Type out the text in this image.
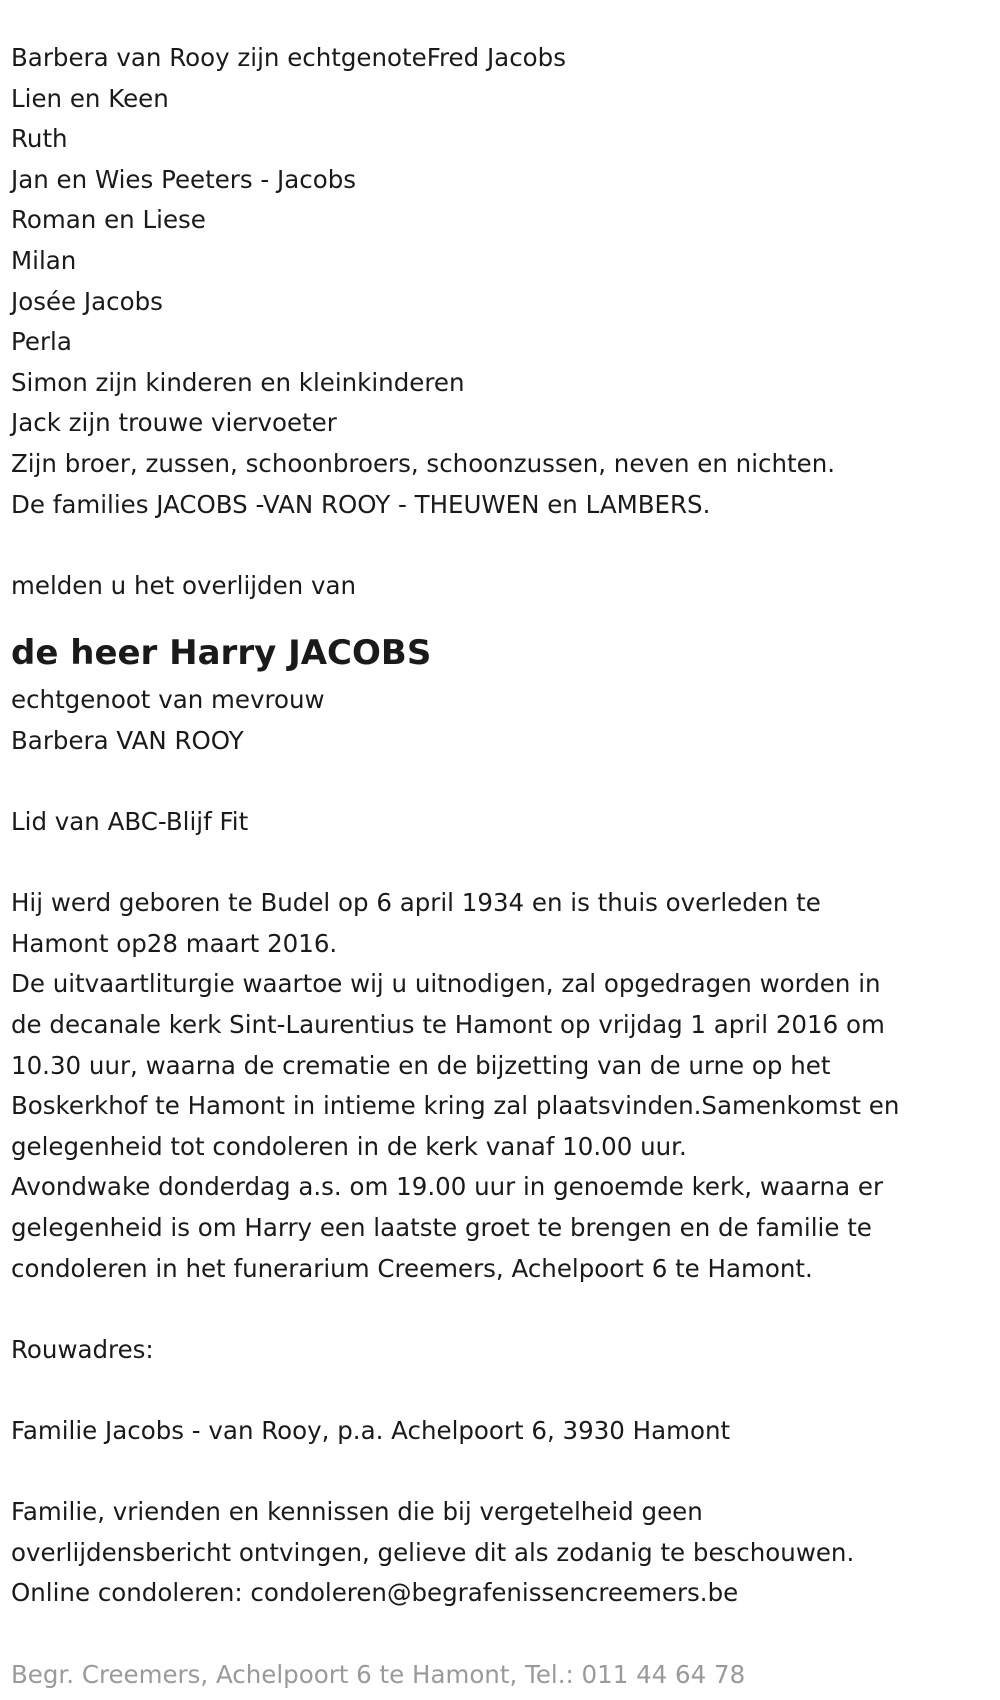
Barbera van Rooy zijn echtgenoteFred Jacobs

Lien en Keen

Ruth

Jan en Wies Peeters - Jacobs

Roman en Liese

Milan

Josée Jacobs

Perla

Simon zijn kinderen en kleinkinderen

Jack zijn trouwe viervoeter

Zijn broer, zussen, schoonbroers, schoonzussen, neven en nichten.

De families JACOBS -VAN ROOY - THEUWEN en LAMBERS.

melden u het overlijden van

de heer Harry JACOBS

echtgenoot van mevrouw

Barbera VAN ROOY

Lid van ABC-Blijf Fit

Hij werd geboren te Budel op 6 april 1934 en is thuis overleden te

Hamont op28 maart 2016.

De uitvaartliturgie waartoe wij u uitnodigen, zal opgedragen worden in

de decanale kerk Sint-Laurentius te Hamont op vrijdag 1 april 2016 om

10.30 uur, waarna de crematie en de bijzetting van de urne op het

Boskerkhof te Hamont in intieme kring zal plaatsvinden.Samenkomst en

gelegenheid tot condoleren in de kerk vanaf 10.00 uur.

Avondwake donderdag a.s. om 19.00 uur in genoemde kerk, waarna er

gelegenheid is om Harry een laatste groet te brengen en de familie te

condoleren in het funerarium Creemers, Achelpoort 6 te Hamont.

Rouwadres:

Familie Jacobs - van Rooy, p.a. Achelpoort 6, 3930 Hamont

Familie, vrienden en kennissen die bij vergetelheid geen

overlijdensbericht ontvingen, gelieve dit als zodanig te beschouwen.

Online condoleren: condoleren@begrafenissencreemers.be

Begr. Creemers, Achelpoort 6 te Hamont, Tel.: 011 44 64 78
